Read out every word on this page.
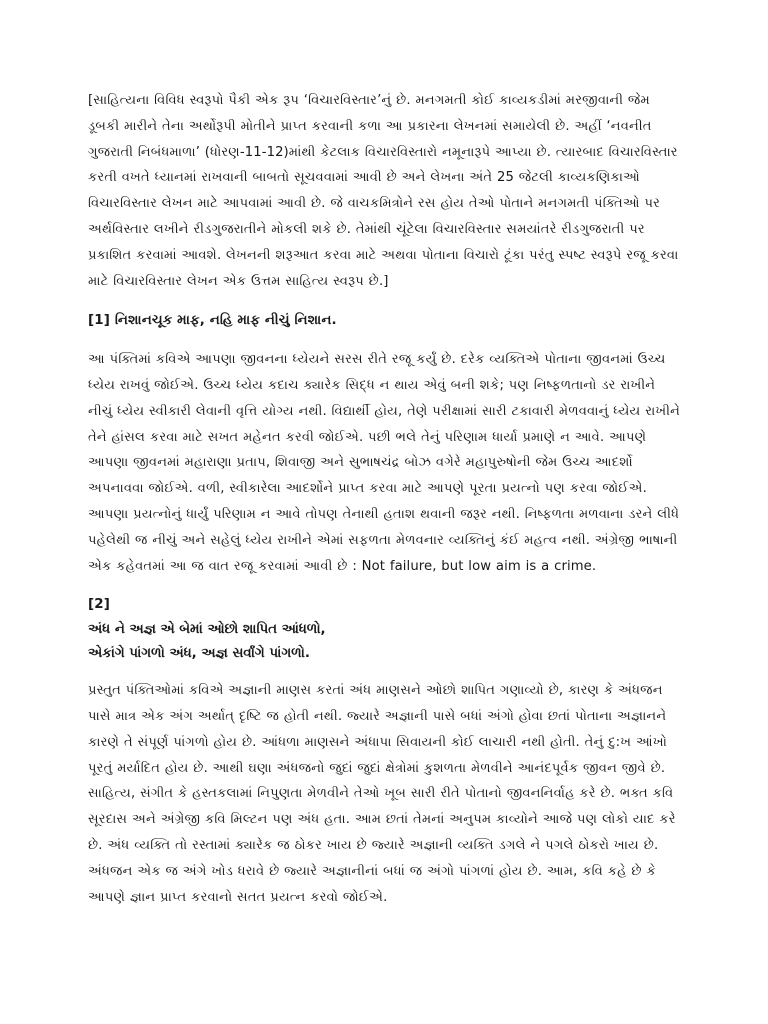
[સાહિત્યના વિવિધ સ્વરૂપો પૈકી એક રૂપ ‘વિચારવિસ્તાર’નું છે. મનગમતી કોઈ કાવ્યકડીમાં મરજીવાની જેમ ડૂબકી મારીને તેના અર્થોરૂપી મોતીને પ્રાપ્ત કરવાની કળા આ પ્રકારના લેખનમાં સમાયેલી છે. અહીં ‘નવનીત ગુજરાતી નિબંધમાળા’ (ધોરણ-11-12)માંથી કેટલાક વિચારવિસ્તારો નમૂનારૂપે આપ્યા છે. ત્યારબાદ વિચારવિસ્તાર કરતી વખતે ધ્યાનમાં રાખવાની બાબતો સૂચવવામાં આવી છે અને લેખના અંતે 25 જેટલી કાવ્યકણિકાઓ વિચારવિસ્તાર લેખન માટે આપવામાં આવી છે. જે વાચકમિત્રોને રસ હોય તેઓ પોતાને મનગમતી પંક્તિઓ પર અર્થવિસ્તાર લખીને રીડગુજરાતીને મોકલી શકે છે. તેમાંથી ચૂંટેલા વિચારવિસ્તાર સમયાંતરે રીડગુજરાતી પર પ્રકાશિત કરવામાં આવશે. લેખનની શરૂઆત કરવા માટે અથવા પોતાના વિચારો ટૂંકા પરંતુ સ્પષ્ટ સ્વરૂપે રજૂ કરવા માટે વિચારવિસ્તાર લેખન એક ઉત્તમ સાહિત્ય સ્વરૂપ છે.]

[1] નિશાનચૂક માફ, નહિ માફ નીચું નિશાન.

આ પંક્તિમાં કવિએ આપણા જીવનના ધ્યેયને સરસ રીતે રજૂ કર્યું છે. દરેક વ્યક્તિએ પોતાના જીવનમાં ઉચ્ચ ધ્યેય રાખવું જોઈએ. ઉચ્ચ ધ્યેય કદાચ ક્યારેક સિદ્ધ ન થાય એવું બની શકે; પણ નિષ્ફળતાનો ડર રાખીને નીચું ધ્યેય સ્વીકારી લેવાની વૃત્તિ યોગ્ય નથી. વિદ્યાર્થી હોય, તેણે પરીક્ષામાં સારી ટકાવારી મેળવવાનું ધ્યેય રાખીને તેને હાંસલ કરવા માટે સખત મહેનત કરવી જોઈએ. પછી ભલે તેનું પરિણામ ધાર્યા પ્રમાણે ન આવે. આપણે આપણા જીવનમાં મહારાણા પ્રતાપ, શિવાજી અને સુભાષચંદ્ર બોઝ વગેરે મહાપુરુષોની જેમ ઉચ્ચ આદર્શો અપનાવવા જોઈએ. વળી, સ્વીકારેલા આદર્શોને પ્રાપ્ત કરવા માટે આપણે પૂરતા પ્રયત્નો પણ કરવા જોઈએ. આપણા પ્રયત્નોનું ધાર્યું પરિણામ ન આવે તોપણ તેનાથી હતાશ થવાની જરૂર નથી. નિષ્ફળતા મળવાના ડરને લીધે પહેલેથી જ નીચું અને સહેલું ધ્યેય રાખીને એમાં સફળતા મેળવનાર વ્યક્તિનું કંઈ મહત્વ નથી. અંગ્રેજી ભાષાની એક કહેવતમાં આ જ વાત રજૂ કરવામાં આવી છે : Not failure, but low aim is a crime.

[2]

અંધ ને અજ્ઞ એ બેમાં ઓછો શાપિત આંધળો,
એકાંગે પાંગળો અંધ, અજ્ઞ સર્વાંગે પાંગળો.

પ્રસ્તુત પંક્તિઓમાં કવિએ અજ્ઞાની માણસ કરતાં અંધ માણસને ઓછો શાપિત ગણાવ્યો છે, કારણ કે અંધજન પાસે માત્ર એક અંગ અર્થાત્ દૃષ્ટિ જ હોતી નથી. જ્યારે અજ્ઞાની પાસે બધાં અંગો હોવા છતાં પોતાના અજ્ઞાનને કારણે તે સંપૂર્ણ પાંગળો હોય છે. આંધળા માણસને અંધાપા સિવાયની કોઈ લાચારી નથી હોતી. તેનું દુ:ખ આંખો પૂરતું મર્યાદિત હોય છે. આથી ઘણા અંધજનો જુદાં જુદાં ક્ષેત્રોમાં કુશળતા મેળવીને આનંદપૂર્વક જીવન જીવે છે. સાહિત્ય, સંગીત કે હસ્તકલામાં નિપુણતા મેળવીને તેઓ ખૂબ સારી રીતે પોતાનો જીવનનિર્વાહ કરે છે. ભક્ત કવિ સૂરદાસ અને અંગ્રેજી કવિ મિલ્ટન પણ અંધ હતા. આમ છતાં તેમનાં અનુપમ કાવ્યોને આજે પણ લોકો યાદ કરે છે. અંધ વ્યક્તિ તો રસ્તામાં ક્યારેક જ ઠોકર ખાય છે જ્યારે અજ્ઞાની વ્યક્તિ ડગલે ને પગલે ઠોકરો ખાય છે. અંધજન એક જ અંગે ખોડ ધરાવે છે જ્યારે અજ્ઞાનીનાં બધાં જ અંગો પાંગળાં હોય છે. આમ, કવિ કહે છે કે આપણે જ્ઞાન પ્રાપ્ત કરવાનો સતત પ્રયત્ન કરવો જોઈએ.
